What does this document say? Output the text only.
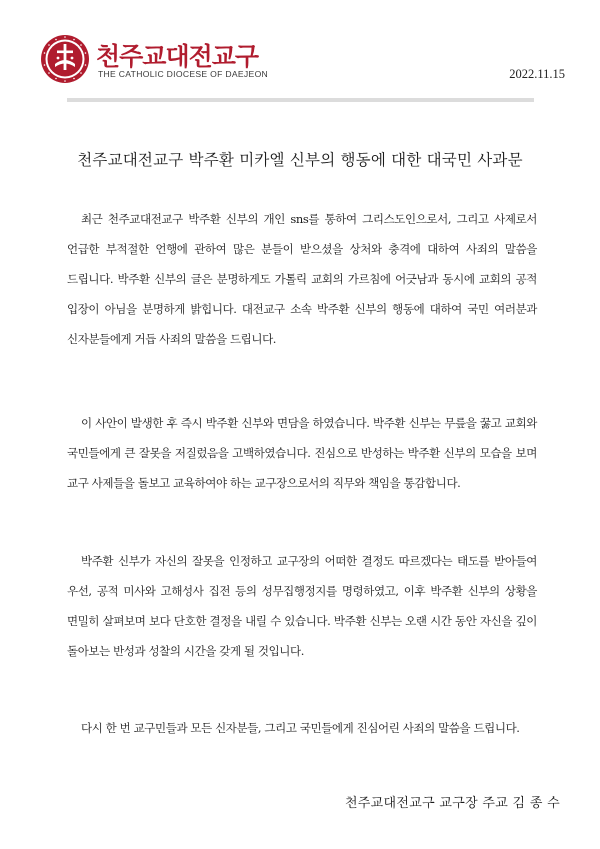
천주교대전교구
THE CATHOLIC DIOCESE OF DAEJEON	2022.11.15
천주교대전교구 박주환 미카엘 신부의 행동에 대한 대국민 사과문

최근 천주교대전교구 박주환 신부의 개인 sns를 통하여 그리스도인으로서, 그리고 사제로서 언급한 부적절한 언행에 관하여 많은 분들이 받으셨을 상처와 충격에 대하여 사죄의 말씀을 드립니다. 박주환 신부의 글은 분명하게도 가톨릭 교회의 가르침에 어긋남과 동시에 교회의 공적 입장이 아님을 분명하게 밝힙니다. 대전교구 소속 박주환 신부의 행동에 대하여 국민 여러분과 신자분들에게 거듭 사죄의 말씀을 드립니다.

이 사안이 발생한 후 즉시 박주환 신부와 면담을 하였습니다. 박주환 신부는 무릎을 꿇고 교회와 국민들에게 큰 잘못을 저질렀음을 고백하였습니다. 진심으로 반성하는 박주환 신부의 모습을 보며 교구 사제들을 돌보고 교육하여야 하는 교구장으로서의 직무와 책임을 통감합니다.

박주환 신부가 자신의 잘못을 인정하고 교구장의 어떠한 결정도 따르겠다는 태도를 받아들여 우선, 공적 미사와 고해성사 집전 등의 성무집행정지를 명령하였고, 이후 박주환 신부의 상황을 면밀히 살펴보며 보다 단호한 결정을 내릴 수 있습니다. 박주환 신부는 오랜 시간 동안 자신을 깊이 돌아보는 반성과 성찰의 시간을 갖게 될 것입니다.

다시 한 번 교구민들과 모든 신자분들, 그리고 국민들에게 진심어린 사죄의 말씀을 드립니다.

천주교대전교구 교구장 주교 김 종 수
